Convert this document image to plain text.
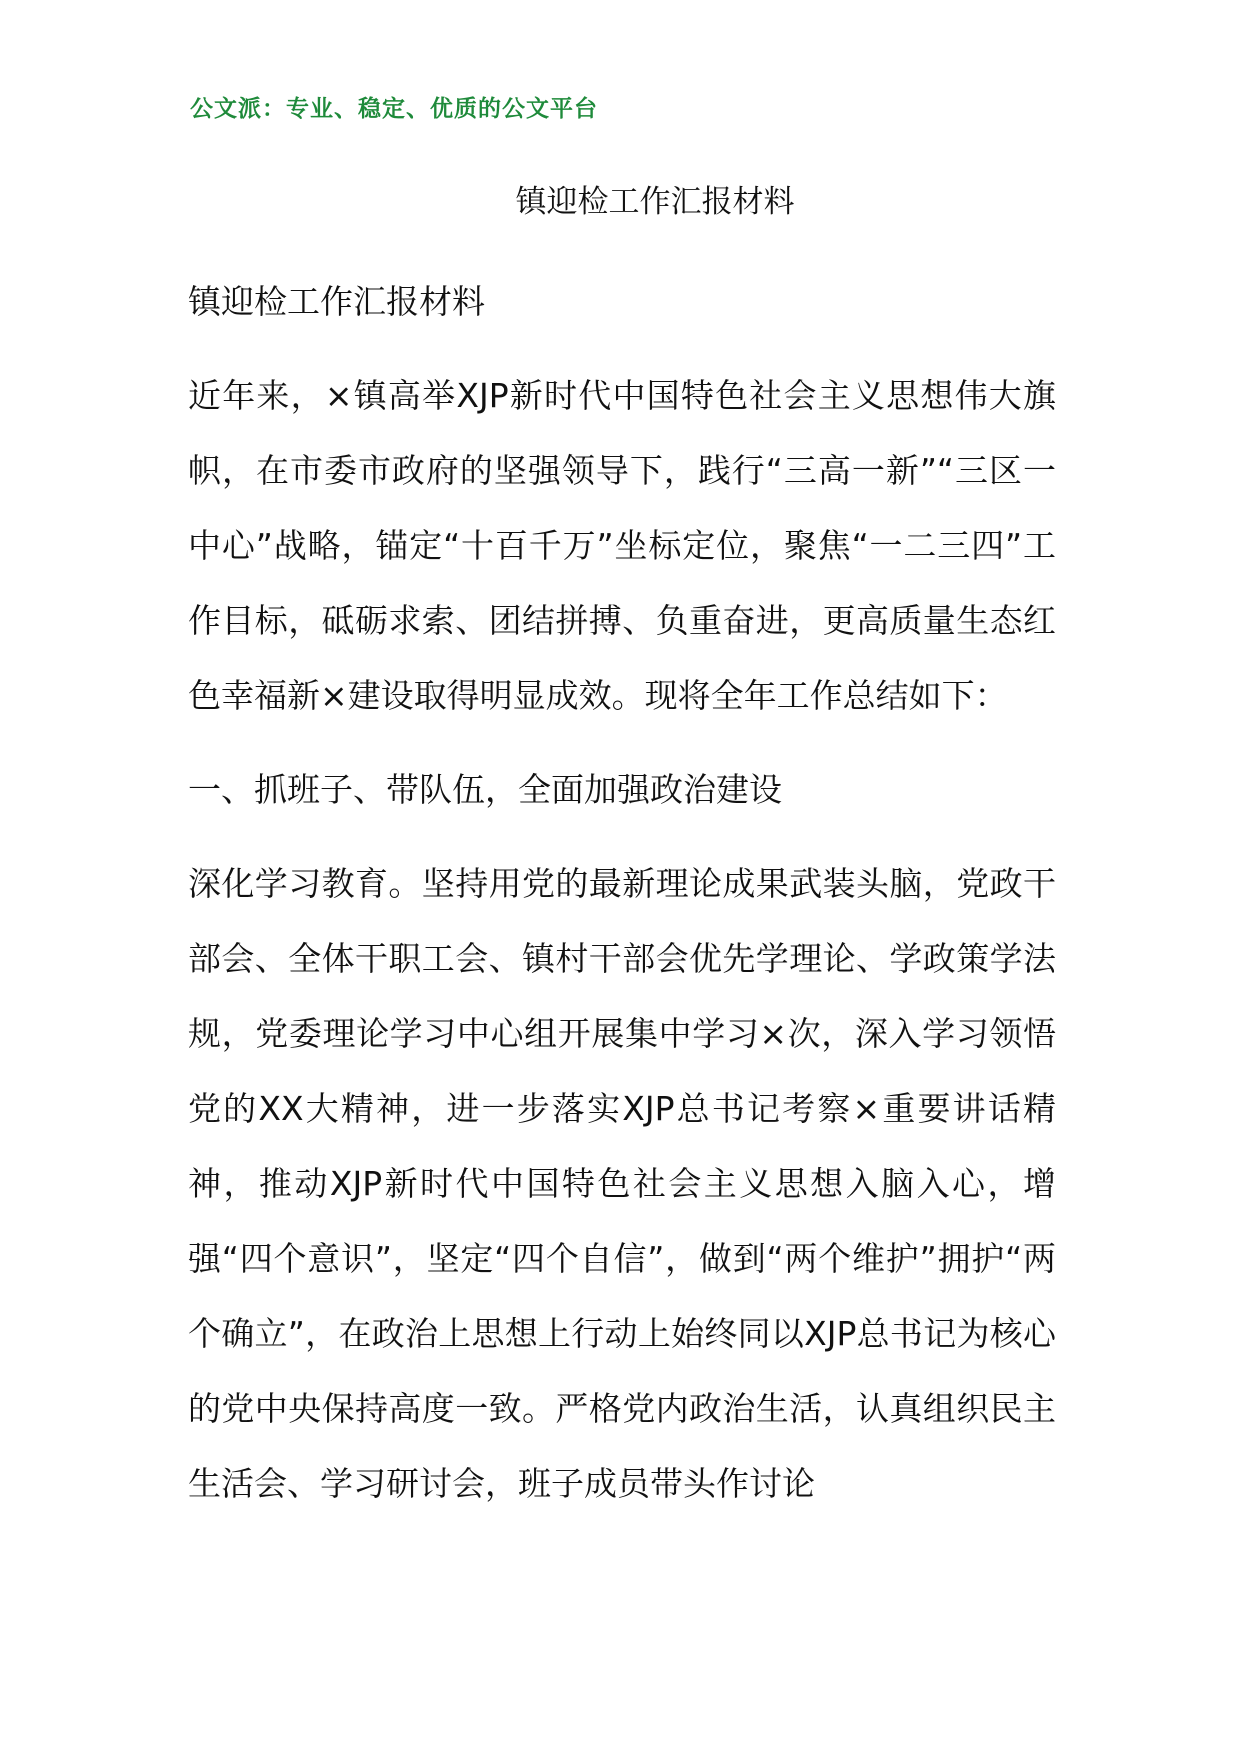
公文派：专业、稳定、优质的公文平台
镇迎检工作汇报材料

镇迎检工作汇报材料

近年来，×镇高举XJP新时代中国特色社会主义思想伟大旗帜，在市委市政府的坚强领导下，践行“三高一新”“三区一中心”战略，锚定“十百千万”坐标定位，聚焦“一二三四”工作目标，砥砺求索、团结拼搏、负重奋进，更高质量生态红色幸福新×建设取得明显成效。现将全年工作总结如下：

一、抓班子、带队伍，全面加强政治建设

深化学习教育。坚持用党的最新理论成果武装头脑，党政干部会、全体干职工会、镇村干部会优先学理论、学政策学法规，党委理论学习中心组开展集中学习×次，深入学习领悟党的XX大精神，进一步落实XJP总书记考察×重要讲话精神，推动XJP新时代中国特色社会主义思想入脑入心，增强“四个意识”，坚定“四个自信”，做到“两个维护”拥护“两个确立”，在政治上思想上行动上始终同以XJP总书记为核心的党中央保持高度一致。严格党内政治生活，认真组织民主生活会、学习研讨会，班子成员带头作讨论
